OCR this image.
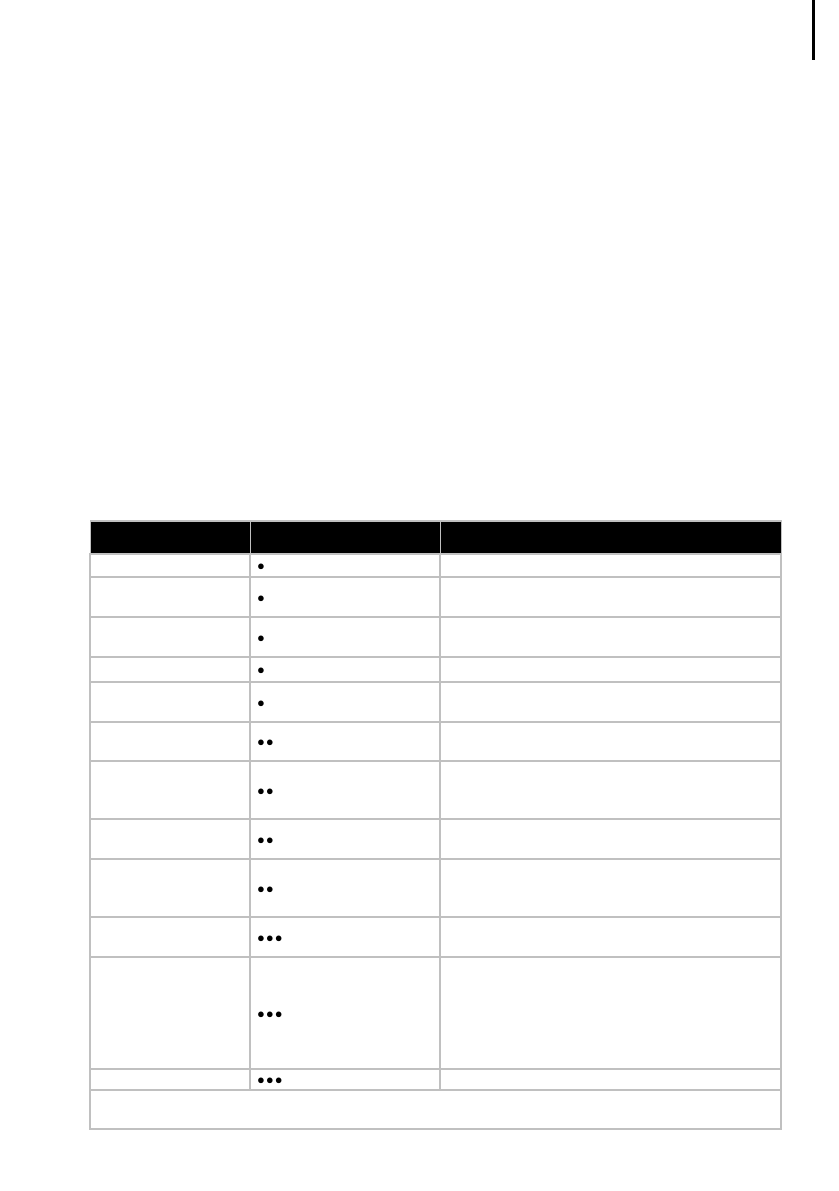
	●	
	●	
	●	
	●	
	●	
	●●	
	●●	
	●●	
	●●	
	●●●	
	●●●	
	●●●	
